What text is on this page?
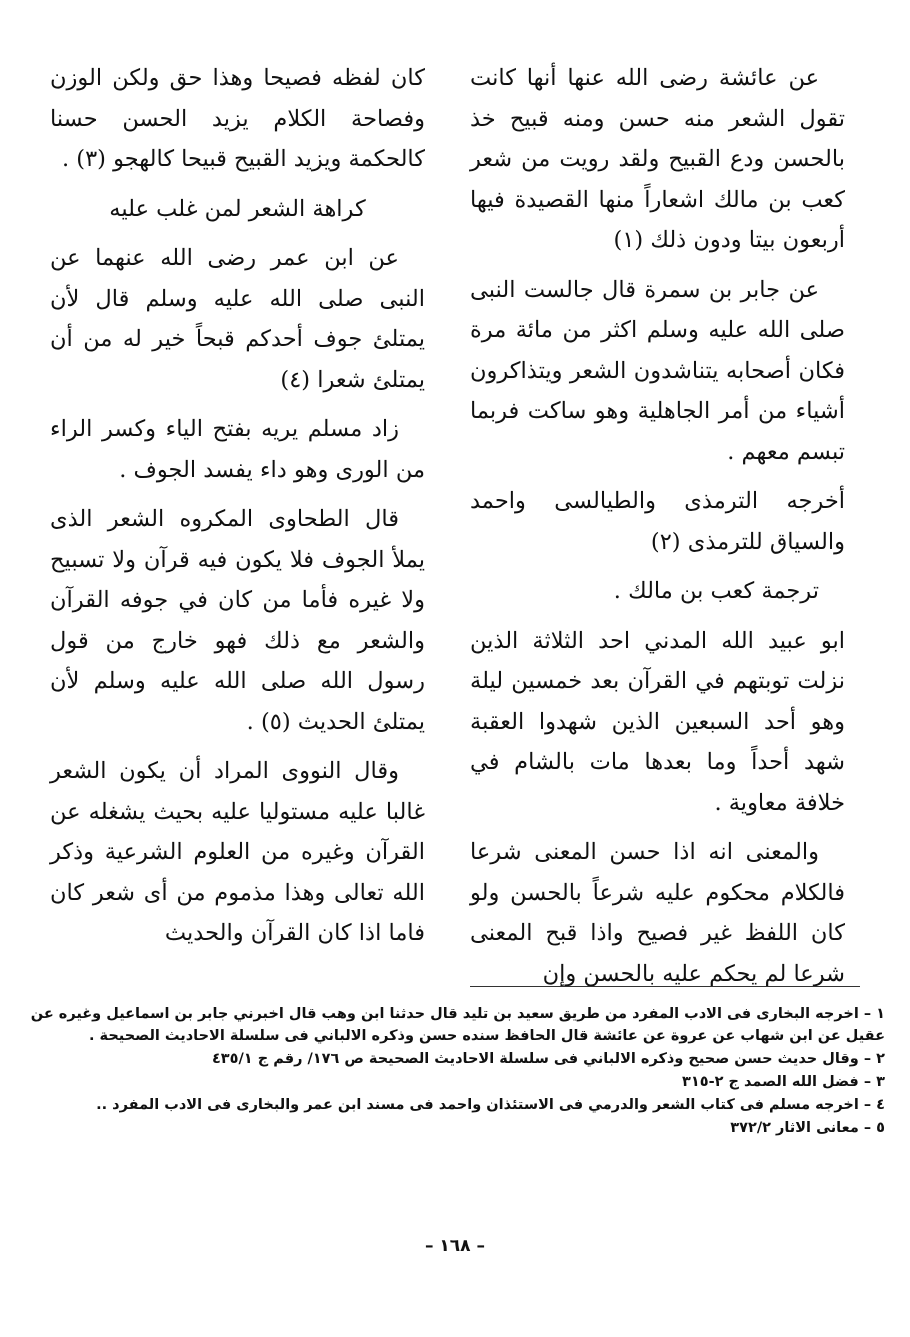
عن عائشة رضى الله عنها أنها كانت تقول الشعر منه حسن ومنه قبيح خذ بالحسن ودع القبيح ولقد رويت من شعر كعب بن مالك اشعاراً منها القصيدة فيها أربعون بيتا ودون ذلك (١)

عن جابر بن سمرة قال جالست النبى صلى الله عليه وسلم اكثر من مائة مرة فكان أصحابه يتناشدون الشعر ويتذاكرون أشياء من أمر الجاهلية وهو ساكت فربما تبسم معهم .

أخرجه الترمذى والطيالسى واحمد والسياق للترمذى (٢)

ترجمة كعب بن مالك .

ابو عبيد الله المدني احد الثلاثة الذين نزلت توبتهم في القرآن بعد خمسين ليلة وهو أحد السبعين الذين شهدوا العقبة شهد أحداً وما بعدها مات بالشام في خلافة معاوية .

والمعنى انه اذا حسن المعنى شرعا فالكلام محكوم عليه شرعاً بالحسن ولو كان اللفظ غير فصيح واذا قبح المعنى شرعا لم يحكم عليه بالحسن وإن

كان لفظه فصيحا وهذا حق ولكن الوزن وفصاحة الكلام يزيد الحسن حسنا كالحكمة ويزيد القبيح قبيحا كالهجو (٣) .

كراهة الشعر لمن غلب عليه

عن ابن عمر رضى الله عنهما عن النبى صلى الله عليه وسلم قال لأن يمتلئ جوف أحدكم قبحاً خير له من أن يمتلئ شعرا (٤)

زاد مسلم يريه بفتح الياء وكسر الراء من الورى وهو داء يفسد الجوف .

قال الطحاوى المكروه الشعر الذى يملأ الجوف فلا يكون فيه قرآن ولا تسبيح ولا غيره فأما من كان في جوفه القرآن والشعر مع ذلك فهو خارج من قول رسول الله صلى الله عليه وسلم لأن يمتلئ الحديث (٥) .

وقال النووى المراد أن يكون الشعر غالبا عليه مستوليا عليه بحيث يشغله عن القرآن وغيره من العلوم الشرعية وذكر الله تعالى وهذا مذموم من أى شعر كان فاما اذا كان القرآن والحديث

١ – اخرجه البخارى فى الادب المفرد من طريق سعيد بن تليد قال حدثنا ابن وهب قال اخبرني جابر بن اسماعيل وغيره عن عقيل عن ابن شهاب عن عروة عن عائشة قال الحافظ سنده حسن وذكره الالباني فى سلسلة الاحاديث الصحيحة .

٢ – وقال حديث حسن صحيح وذكره الالباني فى سلسلة الاحاديث الصحيحة ص ١٧٦/ رقم ج ٤٣٥/١

٣ – فضل الله الصمد ج ٢-٣١٥

٤ – اخرجه مسلم فى كتاب الشعر والدرمي فى الاستئذان واحمد فى مسند ابن عمر والبخارى فى الادب المفرد ..

٥ – معانى الاثار ٣٧٢/٢

– ١٦٨ –
